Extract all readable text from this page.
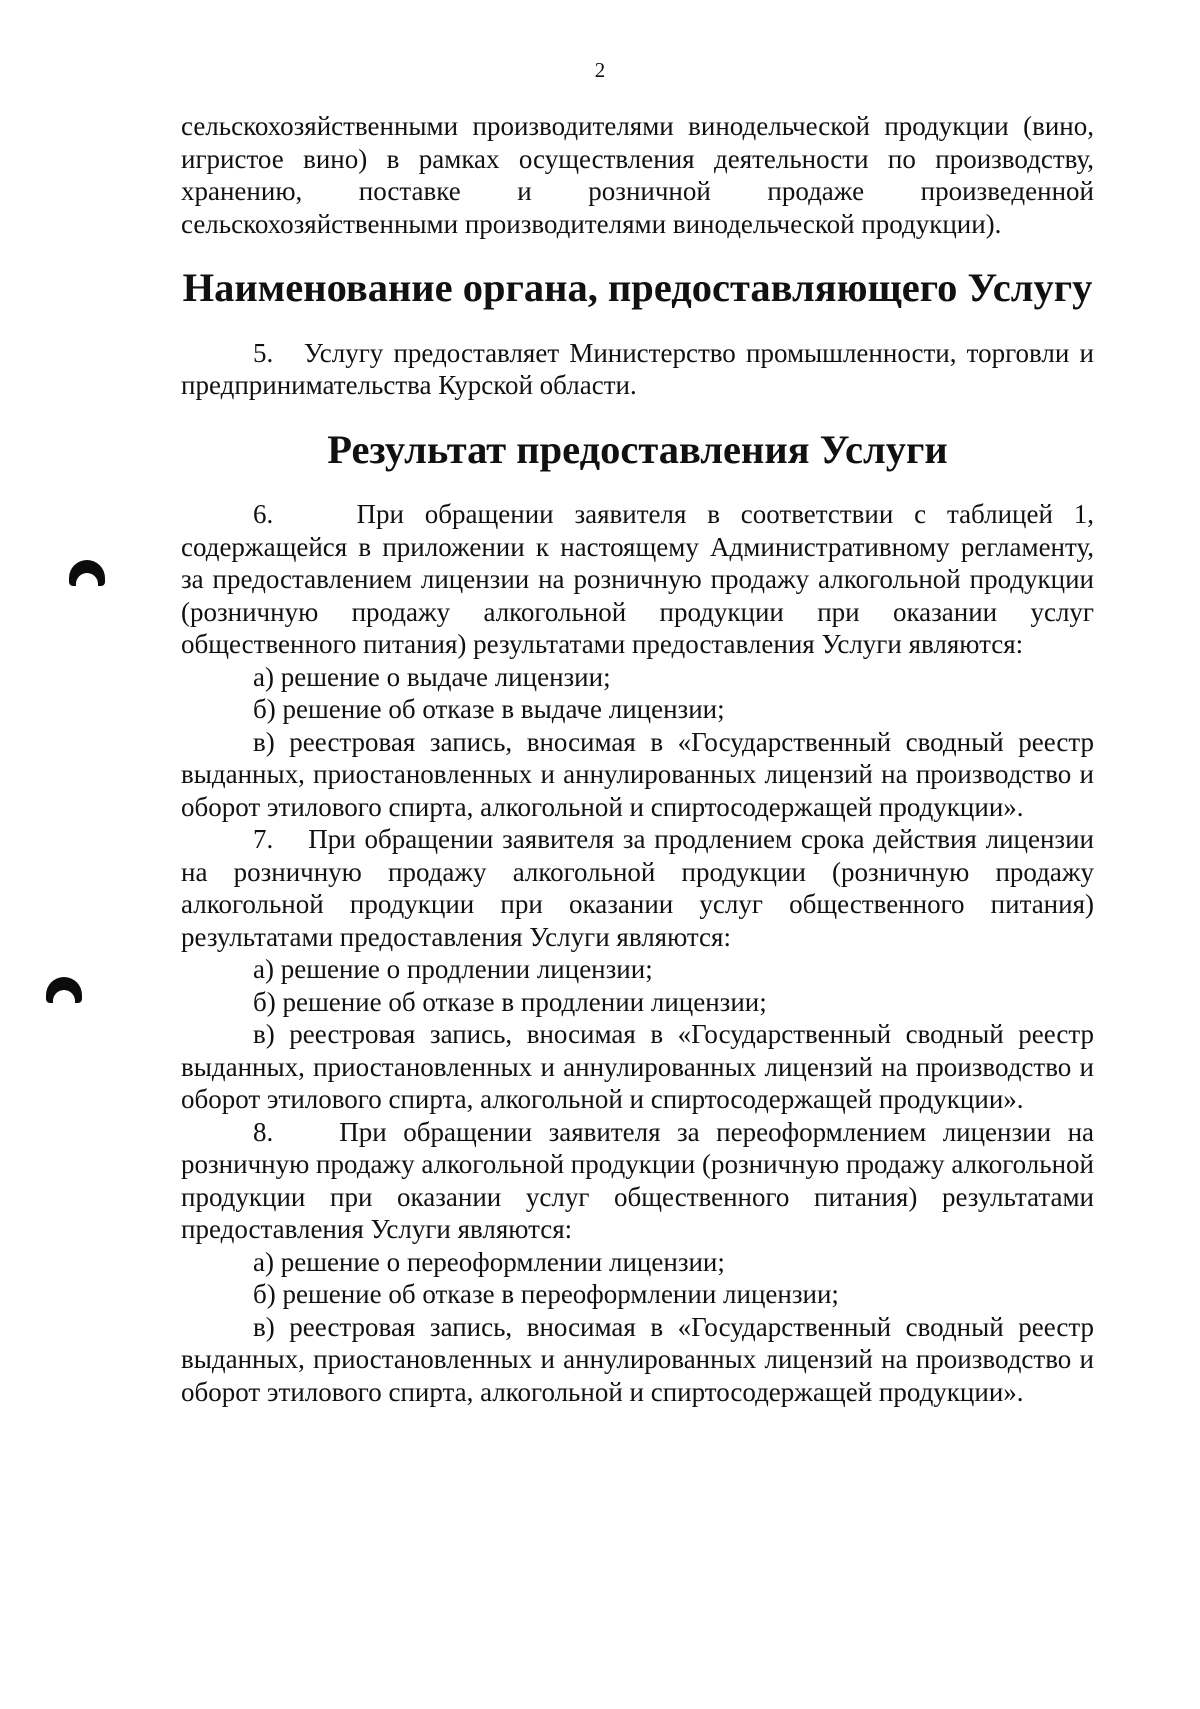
2

сельскохозяйственными производителями винодельческой продукции (вино, игристое вино) в рамках осуществления деятельности по производству, хранению, поставке и розничной продаже произведенной сельскохозяйственными производителями винодельческой продукции).

Наименование органа, предоставляющего Услугу

5.   Услугу предоставляет Министерство промышленности, торговли и предпринимательства Курской области.

Результат предоставления Услуги

6.    При обращении заявителя в соответствии с таблицей 1, содержащейся в приложении к настоящему Административному регламенту, за предоставлением лицензии на розничную продажу алкогольной продукции (розничную продажу алкогольной продукции при оказании услуг общественного питания) результатами предоставления Услуги являются:

а) решение о выдаче лицензии;

б) решение об отказе в выдаче лицензии;

в) реестровая запись, вносимая в «Государственный сводный реестр выданных, приостановленных и аннулированных лицензий на производство и оборот этилового спирта, алкогольной и спиртосодержащей продукции».

7.    При обращении заявителя за продлением срока действия лицензии на розничную продажу алкогольной продукции (розничную продажу алкогольной продукции при оказании услуг общественного питания) результатами предоставления Услуги являются:

а) решение о продлении лицензии;

б) решение об отказе в продлении лицензии;

в) реестровая запись, вносимая в «Государственный сводный реестр выданных, приостановленных и аннулированных лицензий на производство и оборот этилового спирта, алкогольной и спиртосодержащей продукции».

8.    При обращении заявителя за переоформлением лицензии на розничную продажу алкогольной продукции (розничную продажу алкогольной продукции при оказании услуг общественного питания) результатами предоставления Услуги являются:

а) решение о переоформлении лицензии;

б) решение об отказе в переоформлении лицензии;

в) реестровая запись, вносимая в «Государственный сводный реестр выданных, приостановленных и аннулированных лицензий на производство и оборот этилового спирта, алкогольной и спиртосодержащей продукции».
